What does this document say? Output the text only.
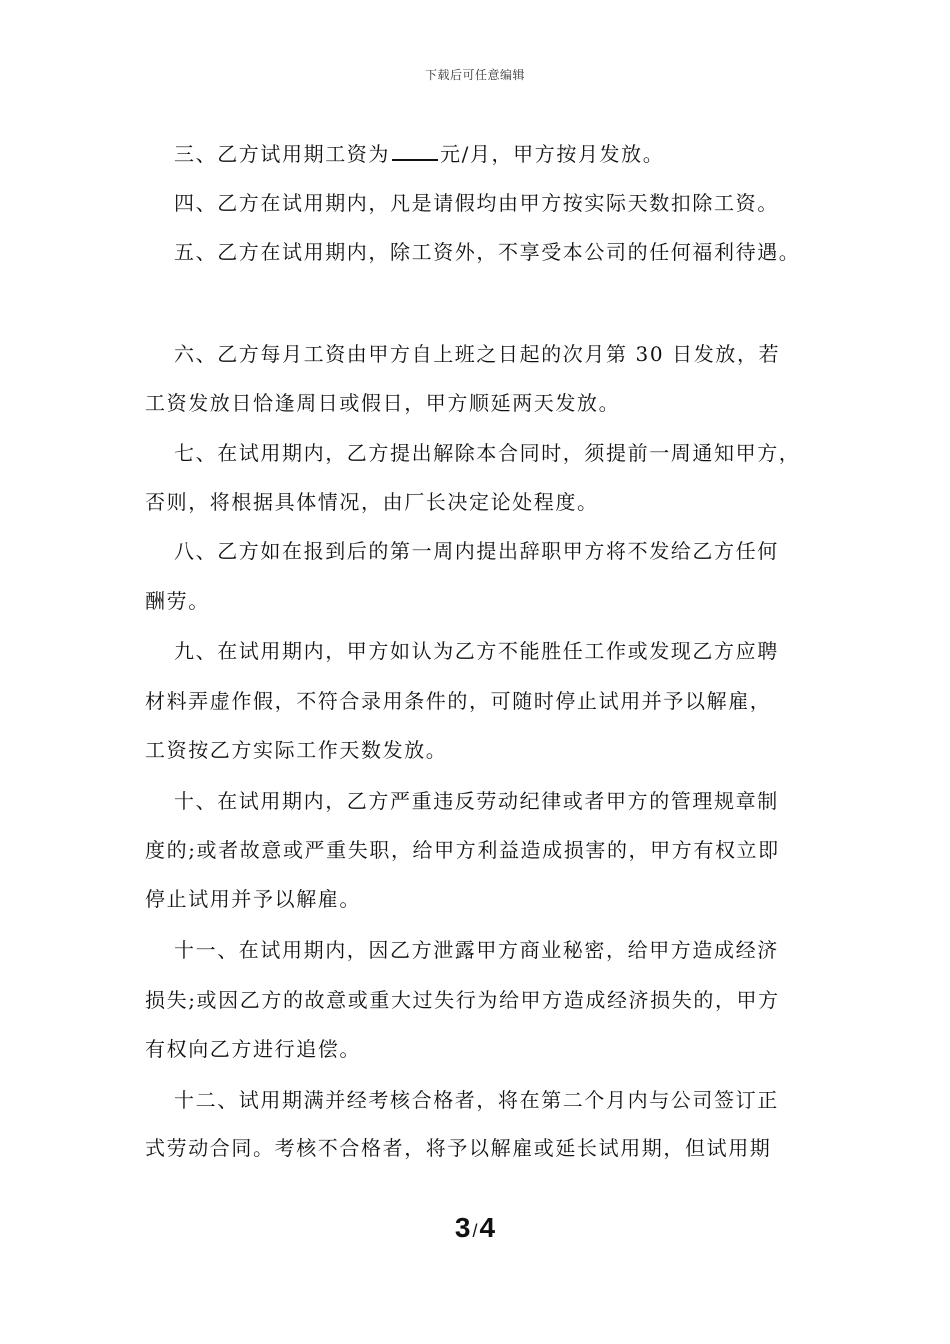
下载后可任意编辑
三、乙方试用期工资为	元/月，甲方按月发放。
四、乙方在试用期内，凡是请假均由甲方按实际天数扣除工资。
五、乙方在试用期内，除工资外，不享受本公司的任何福利待遇。
六、乙方每月工资由甲方自上班之日起的次月第 30 日发放，若
工资发放日恰逢周日或假日，甲方顺延两天发放。
七、在试用期内，乙方提出解除本合同时，须提前一周通知甲方，
否则，将根据具体情况，由厂长决定论处程度。
八、乙方如在报到后的第一周内提出辞职甲方将不发给乙方任何
酬劳。
九、在试用期内，甲方如认为乙方不能胜任工作或发现乙方应聘
材料弄虚作假，不符合录用条件的，可随时停止试用并予以解雇，
工资按乙方实际工作天数发放。
十、在试用期内，乙方严重违反劳动纪律或者甲方的管理规章制
度的;或者故意或严重失职，给甲方利益造成损害的，甲方有权立即
停止试用并予以解雇。
十一、在试用期内，因乙方泄露甲方商业秘密，给甲方造成经济
损失;或因乙方的故意或重大过失行为给甲方造成经济损失的，甲方
有权向乙方进行追偿。
十二、试用期满并经考核合格者，将在第二个月内与公司签订正
式劳动合同。考核不合格者，将予以解雇或延长试用期，但试用期
3 /4
